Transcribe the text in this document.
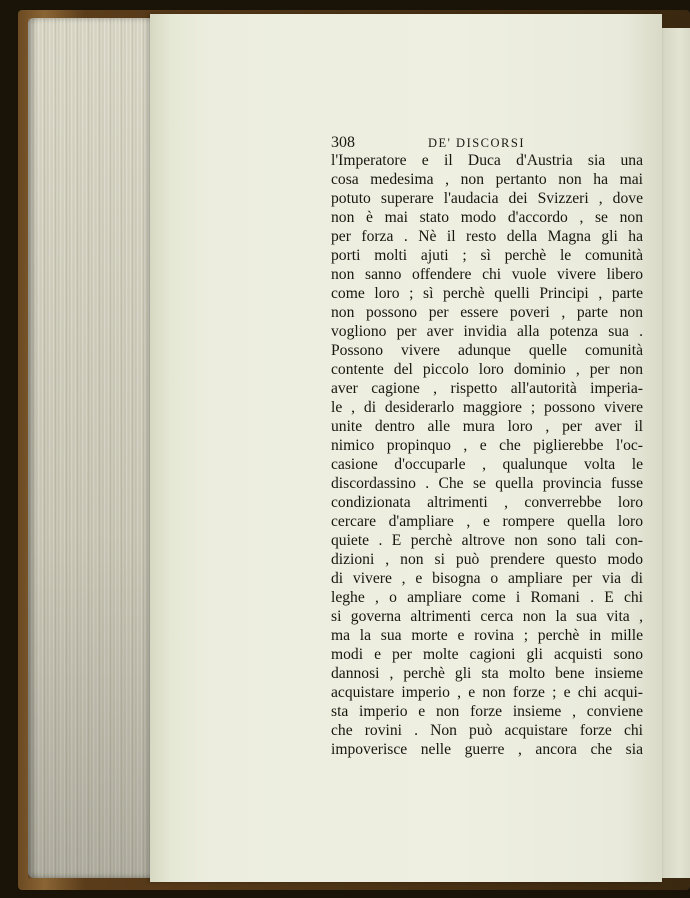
308	DE' DISCORSI
l'Imperatore e il Duca d'Austria sia una
cosa medesima , non pertanto non ha mai
potuto superare l'audacia dei Svizzeri , dove
non è mai stato modo d'accordo , se non
per forza . Nè il resto della Magna gli ha
porti molti ajuti ; sì perchè le comunità
non sanno offendere chi vuole vivere libero
come loro ; sì perchè quelli Principi , parte
non possono per essere poveri , parte non
vogliono per aver invidia alla potenza sua .
Possono vivere adunque quelle comunità
contente del piccolo loro dominio , per non
aver cagione , rispetto all'autorità imperia-
le , di desiderarlo maggiore ; possono vivere
unite dentro alle mura loro , per aver il
nimico propinquo , e che piglierebbe l'oc-
casione d'occuparle , qualunque volta le
discordassino . Che se quella provincia fusse
condizionata altrimenti , converrebbe loro
cercare d'ampliare , e rompere quella loro
quiete . E perchè altrove non sono tali con-
dizioni , non si può prendere questo modo
di vivere , e bisogna o ampliare per via di
leghe , o ampliare come i Romani . E chi
si governa altrimenti cerca non la sua vita ,
ma la sua morte e rovina ; perchè in mille
modi e per molte cagioni gli acquisti sono
dannosi , perchè gli sta molto bene insieme
acquistare imperio , e non forze ; e chi acqui-
sta imperio e non forze insieme , conviene
che rovini . Non può acquistare forze chi
impoverisce nelle guerre , ancora che sia
